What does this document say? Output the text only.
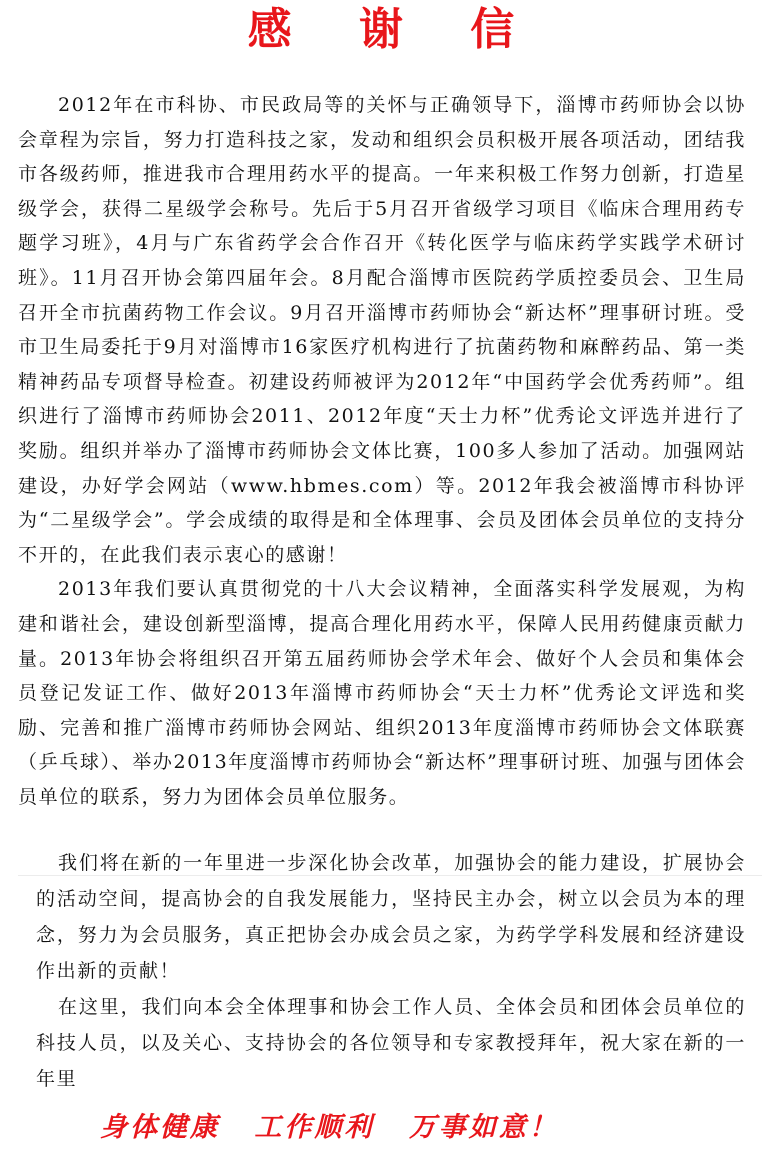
感 谢 信

2012年在市科协、市民政局等的关怀与正确领导下，淄博市药师协会以协会章程为宗旨，努力打造科技之家，发动和组织会员积极开展各项活动，团结我市各级药师，推进我市合理用药水平的提高。一年来积极工作努力创新，打造星级学会，获得二星级学会称号。先后于5月召开省级学习项目《临床合理用药专题学习班》，4月与广东省药学会合作召开《转化医学与临床药学实践学术研讨班》。11月召开协会第四届年会。8月配合淄博市医院药学质控委员会、卫生局召开全市抗菌药物工作会议。9月召开淄博市药师协会“新达杯”理事研讨班。受市卫生局委托于9月对淄博市16家医疗机构进行了抗菌药物和麻醉药品、第一类精神药品专项督导检查。初建设药师被评为2012年“中国药学会优秀药师”。组织进行了淄博市药师协会2011、2012年度“天士力杯”优秀论文评选并进行了奖励。组织并举办了淄博市药师协会文体比赛，100多人参加了活动。加强网站建设，办好学会网站（www.hbmes.com）等。2012年我会被淄博市科协评为“二星级学会”。学会成绩的取得是和全体理事、会员及团体会员单位的支持分不开的，在此我们表示衷心的感谢！

2013年我们要认真贯彻党的十八大会议精神，全面落实科学发展观，为构建和谐社会，建设创新型淄博，提高合理化用药水平，保障人民用药健康贡献力量。2013年协会将组织召开第五届药师协会学术年会、做好个人会员和集体会员登记发证工作、做好2013年淄博市药师协会“天士力杯”优秀论文评选和奖励、完善和推广淄博市药师协会网站、组织2013年度淄博市药师协会文体联赛（乒乓球）、举办2013年度淄博市药师协会“新达杯”理事研讨班、加强与团体会员单位的联系，努力为团体会员单位服务。

我们将在新的一年里进一步深化协会改革，加强协会的能力建设，扩展协会的活动空间，提高协会的自我发展能力，坚持民主办会，树立以会员为本的理念，努力为会员服务，真正把协会办成会员之家，为药学学科发展和经济建设作出新的贡献！

在这里，我们向本会全体理事和协会工作人员、全体会员和团体会员单位的科技人员，以及关心、支持协会的各位领导和专家教授拜年，祝大家在新的一年里

身体健康 工作顺利 万事如意！
